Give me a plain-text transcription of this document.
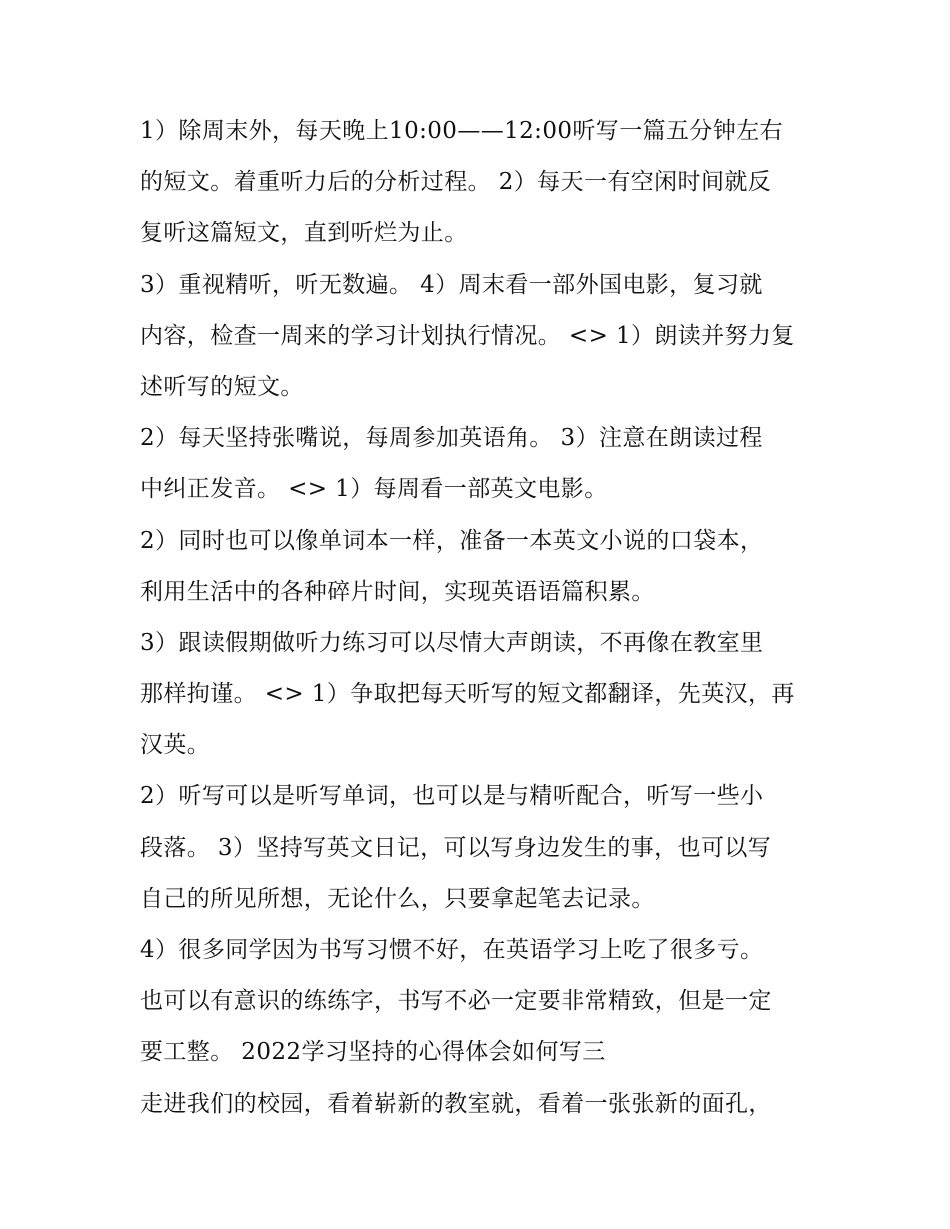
1）除周末外，每天晚上10:00——12:00听写一篇五分钟左右
的短文。着重听力后的分析过程。 2）每天一有空闲时间就反
复听这篇短文，直到听烂为止。
3）重视精听，听无数遍。 4）周末看一部外国电影，复习就
内容，检查一周来的学习计划执行情况。 <> 1）朗读并努力复
述听写的短文。
2）每天坚持张嘴说，每周参加英语角。 3）注意在朗读过程
中纠正发音。 <> 1）每周看一部英文电影。
2）同时也可以像单词本一样，准备一本英文小说的口袋本，
利用生活中的各种碎片时间，实现英语语篇积累。
3）跟读假期做听力练习可以尽情大声朗读，不再像在教室里
那样拘谨。 <> 1）争取把每天听写的短文都翻译，先英汉，再
汉英。
2）听写可以是听写单词，也可以是与精听配合，听写一些小
段落。 3）坚持写英文日记，可以写身边发生的事，也可以写
自己的所见所想，无论什么，只要拿起笔去记录。
4）很多同学因为书写习惯不好，在英语学习上吃了很多亏。
也可以有意识的练练字，书写不必一定要非常精致，但是一定
要工整。 2022学习坚持的心得体会如何写三
走进我们的校园，看着崭新的教室就，看着一张张新的面孔，
